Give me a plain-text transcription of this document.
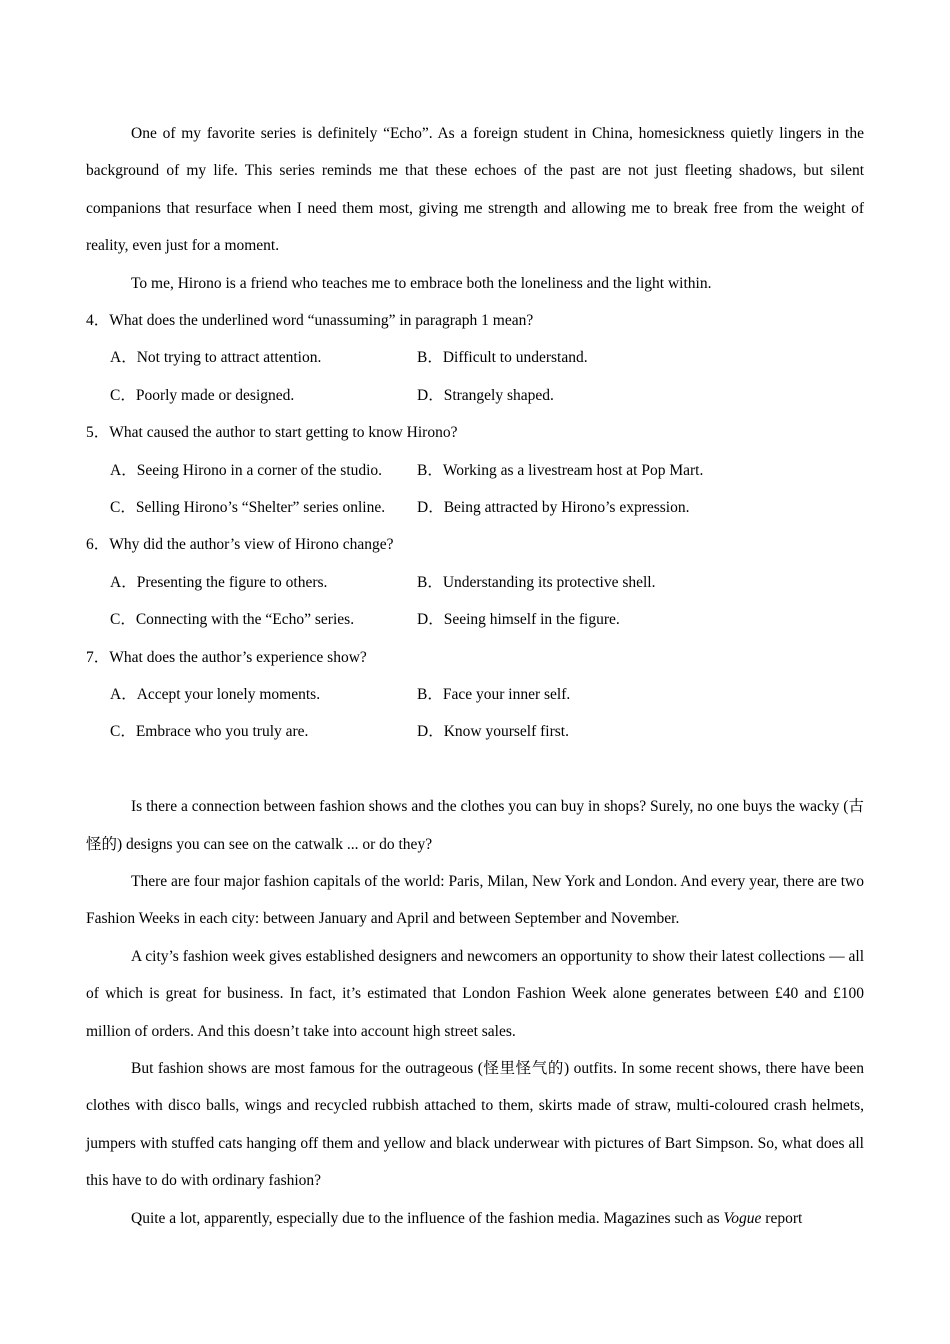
One of my favorite series is definitely “Echo”. As a foreign student in China, homesickness quietly lingers in the background of my life. This series reminds me that these echoes of the past are not just fleeting shadows, but silent companions that resurface when I need them most, giving me strength and allowing me to break free from the weight of reality, even just for a moment.

To me, Hirono is a friend who teaches me to embrace both the loneliness and the light within.

4．What does the underlined word “unassuming” in paragraph 1 mean?

A．Not trying to attract attention.	B．Difficult to understand.
C．Poorly made or designed.	D．Strangely shaped.

5．What caused the author to start getting to know Hirono?

A．Seeing Hirono in a corner of the studio. B．Working as a livestream host at Pop Mart.
C．Selling Hirono’s “Shelter” series online. D．Being attracted by Hirono’s expression.

6．Why did the author’s view of Hirono change?

A．Presenting the figure to others.	B．Understanding its protective shell.
C．Connecting with the “Echo” series.	D．Seeing himself in the figure.

7．What does the author’s experience show?

A．Accept your lonely moments.	B．Face your inner self.
C．Embrace who you truly are.	D．Know yourself first.

Is there a connection between fashion shows and the clothes you can buy in shops? Surely, no one buys the wacky (古怪的) designs you can see on the catwalk ... or do they?

There are four major fashion capitals of the world: Paris, Milan, New York and London. And every year, there are two Fashion Weeks in each city: between January and April and between September and November.

A city’s fashion week gives established designers and newcomers an opportunity to show their latest collections — all of which is great for business. In fact, it’s estimated that London Fashion Week alone generates between £40 and £100 million of orders. And this doesn’t take into account high street sales.

But fashion shows are most famous for the outrageous (怪里怪气的) outfits. In some recent shows, there have been clothes with disco balls, wings and recycled rubbish attached to them, skirts made of straw, multi-coloured crash helmets, jumpers with stuffed cats hanging off them and yellow and black underwear with pictures of Bart Simpson. So, what does all this have to do with ordinary fashion?

Quite a lot, apparently, especially due to the influence of the fashion media. Magazines such as Vogue report
